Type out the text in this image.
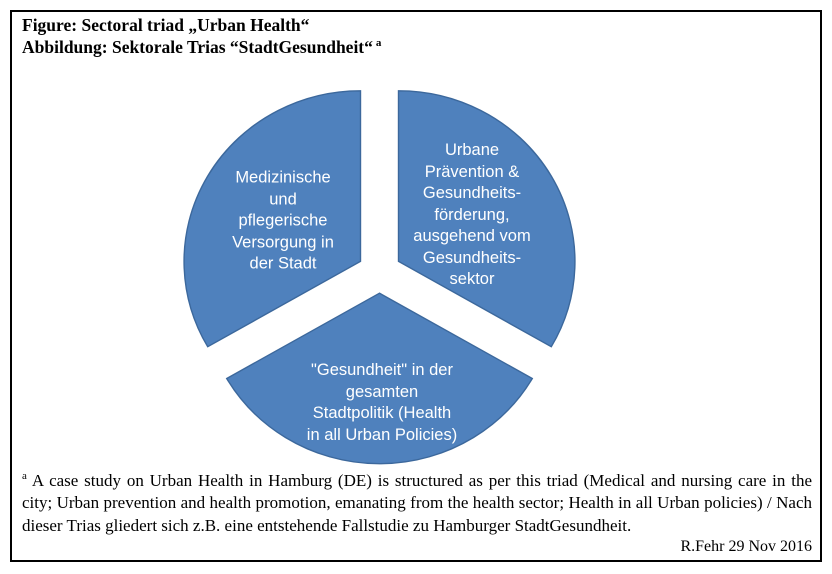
Figure: Sectoral triad „Urban Health“
Abbildung: Sektorale Trias “StadtGesundheit“ $^a$
Medizinische
und
pflegerische
Versorgung in
der Stadt
Urbane
Prävention &
Gesundheits-
förderung,
ausgehend vom
Gesundheits-
sektor
"Gesundheit" in der
gesamten
Stadtpolitik (Health
in all Urban Policies)
$^a$ A case study on Urban Health in Hamburg (DE) is structured as per this triad (Medical and nursing care in the city; Urban prevention and health promotion, emanating from the health sector; Health in all Urban policies) / Nach dieser Trias gliedert sich z.B. eine entstehende Fallstudie zu Hamburger StadtGesundheit.
R.Fehr 29 Nov 2016
